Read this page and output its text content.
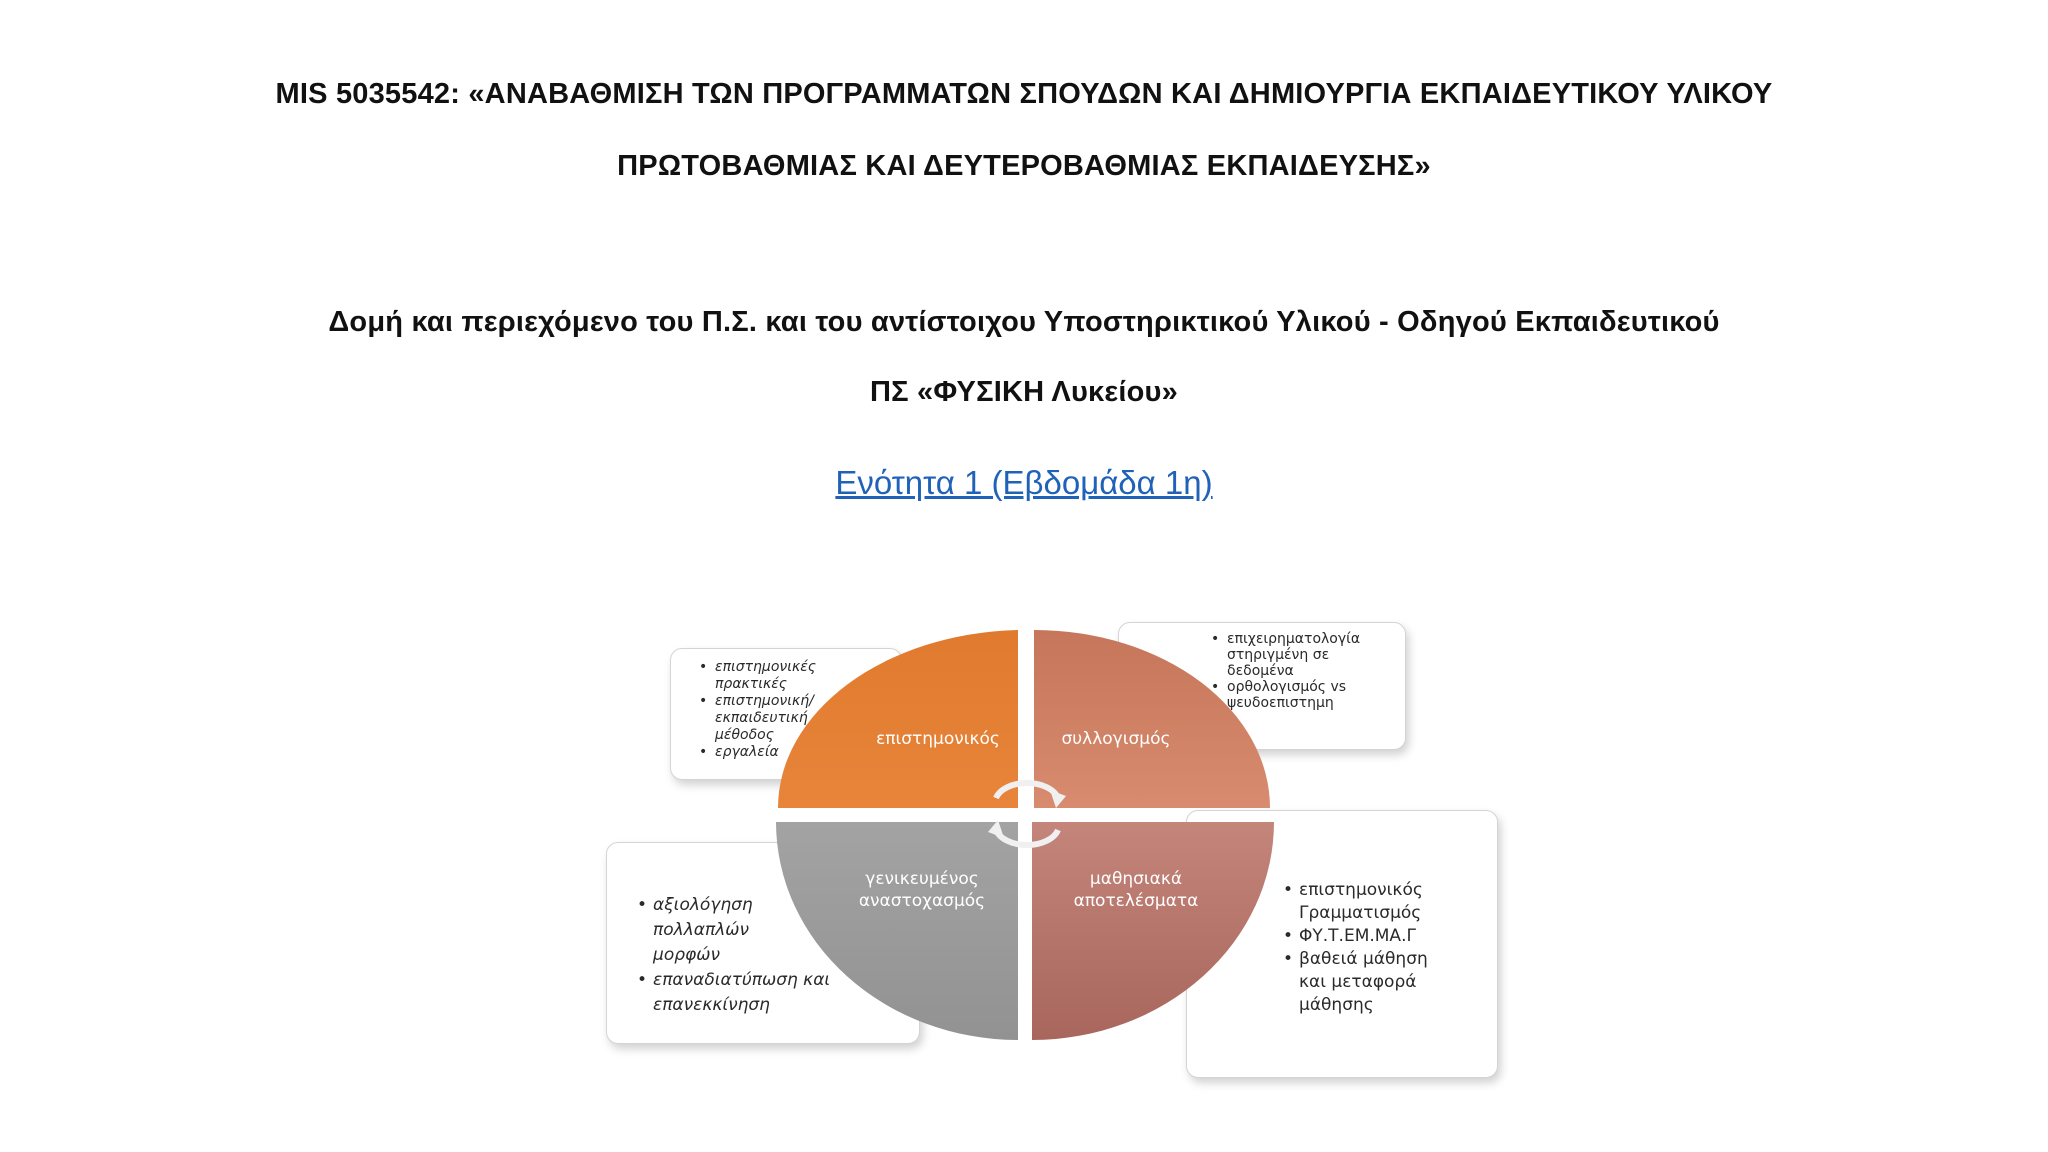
MIS 5035542: «ΑΝΑΒΑΘΜΙΣΗ ΤΩΝ ΠΡΟΓΡΑΜΜΑΤΩΝ ΣΠΟΥΔΩΝ ΚΑΙ ΔΗΜΙΟΥΡΓΙΑ ΕΚΠΑΙΔΕΥΤΙΚΟΥ ΥΛΙΚΟΥ
ΠΡΩΤΟΒΑΘΜΙΑΣ ΚΑΙ ΔΕΥΤΕΡΟΒΑΘΜΙΑΣ ΕΚΠΑΙΔΕΥΣΗΣ»
Δομή και περιεχόμενο του Π.Σ. και του αντίστοιχου Υποστηρικτικού Υλικού - Οδηγού Εκπαιδευτικού
ΠΣ «ΦΥΣΙΚΗ Λυκείου»
Ενότητα 1 (Εβδομάδα 1η)
• επιστημονικές πρακτικές
• επιστημονική/ εκπαιδευτική μέθοδος
• εργαλεία
• επιχειρηματολογία στηριγμένη σε δεδομένα
• ορθολογισμός vs ψευδοεπιστημη
• αξιολόγηση πολλαπλών μορφών
• επαναδιατύπωση και επανεκκίνηση
• επιστημονικός Γραμματισμός
• ΦΥ.Τ.ΕΜ.ΜΑ.Γ
• βαθειά μάθηση και μεταφορά μάθησης
επιστημονικός	συλλογισμός
γενικευμένος
αναστοχασμός
μαθησιακά
αποτελέσματα
